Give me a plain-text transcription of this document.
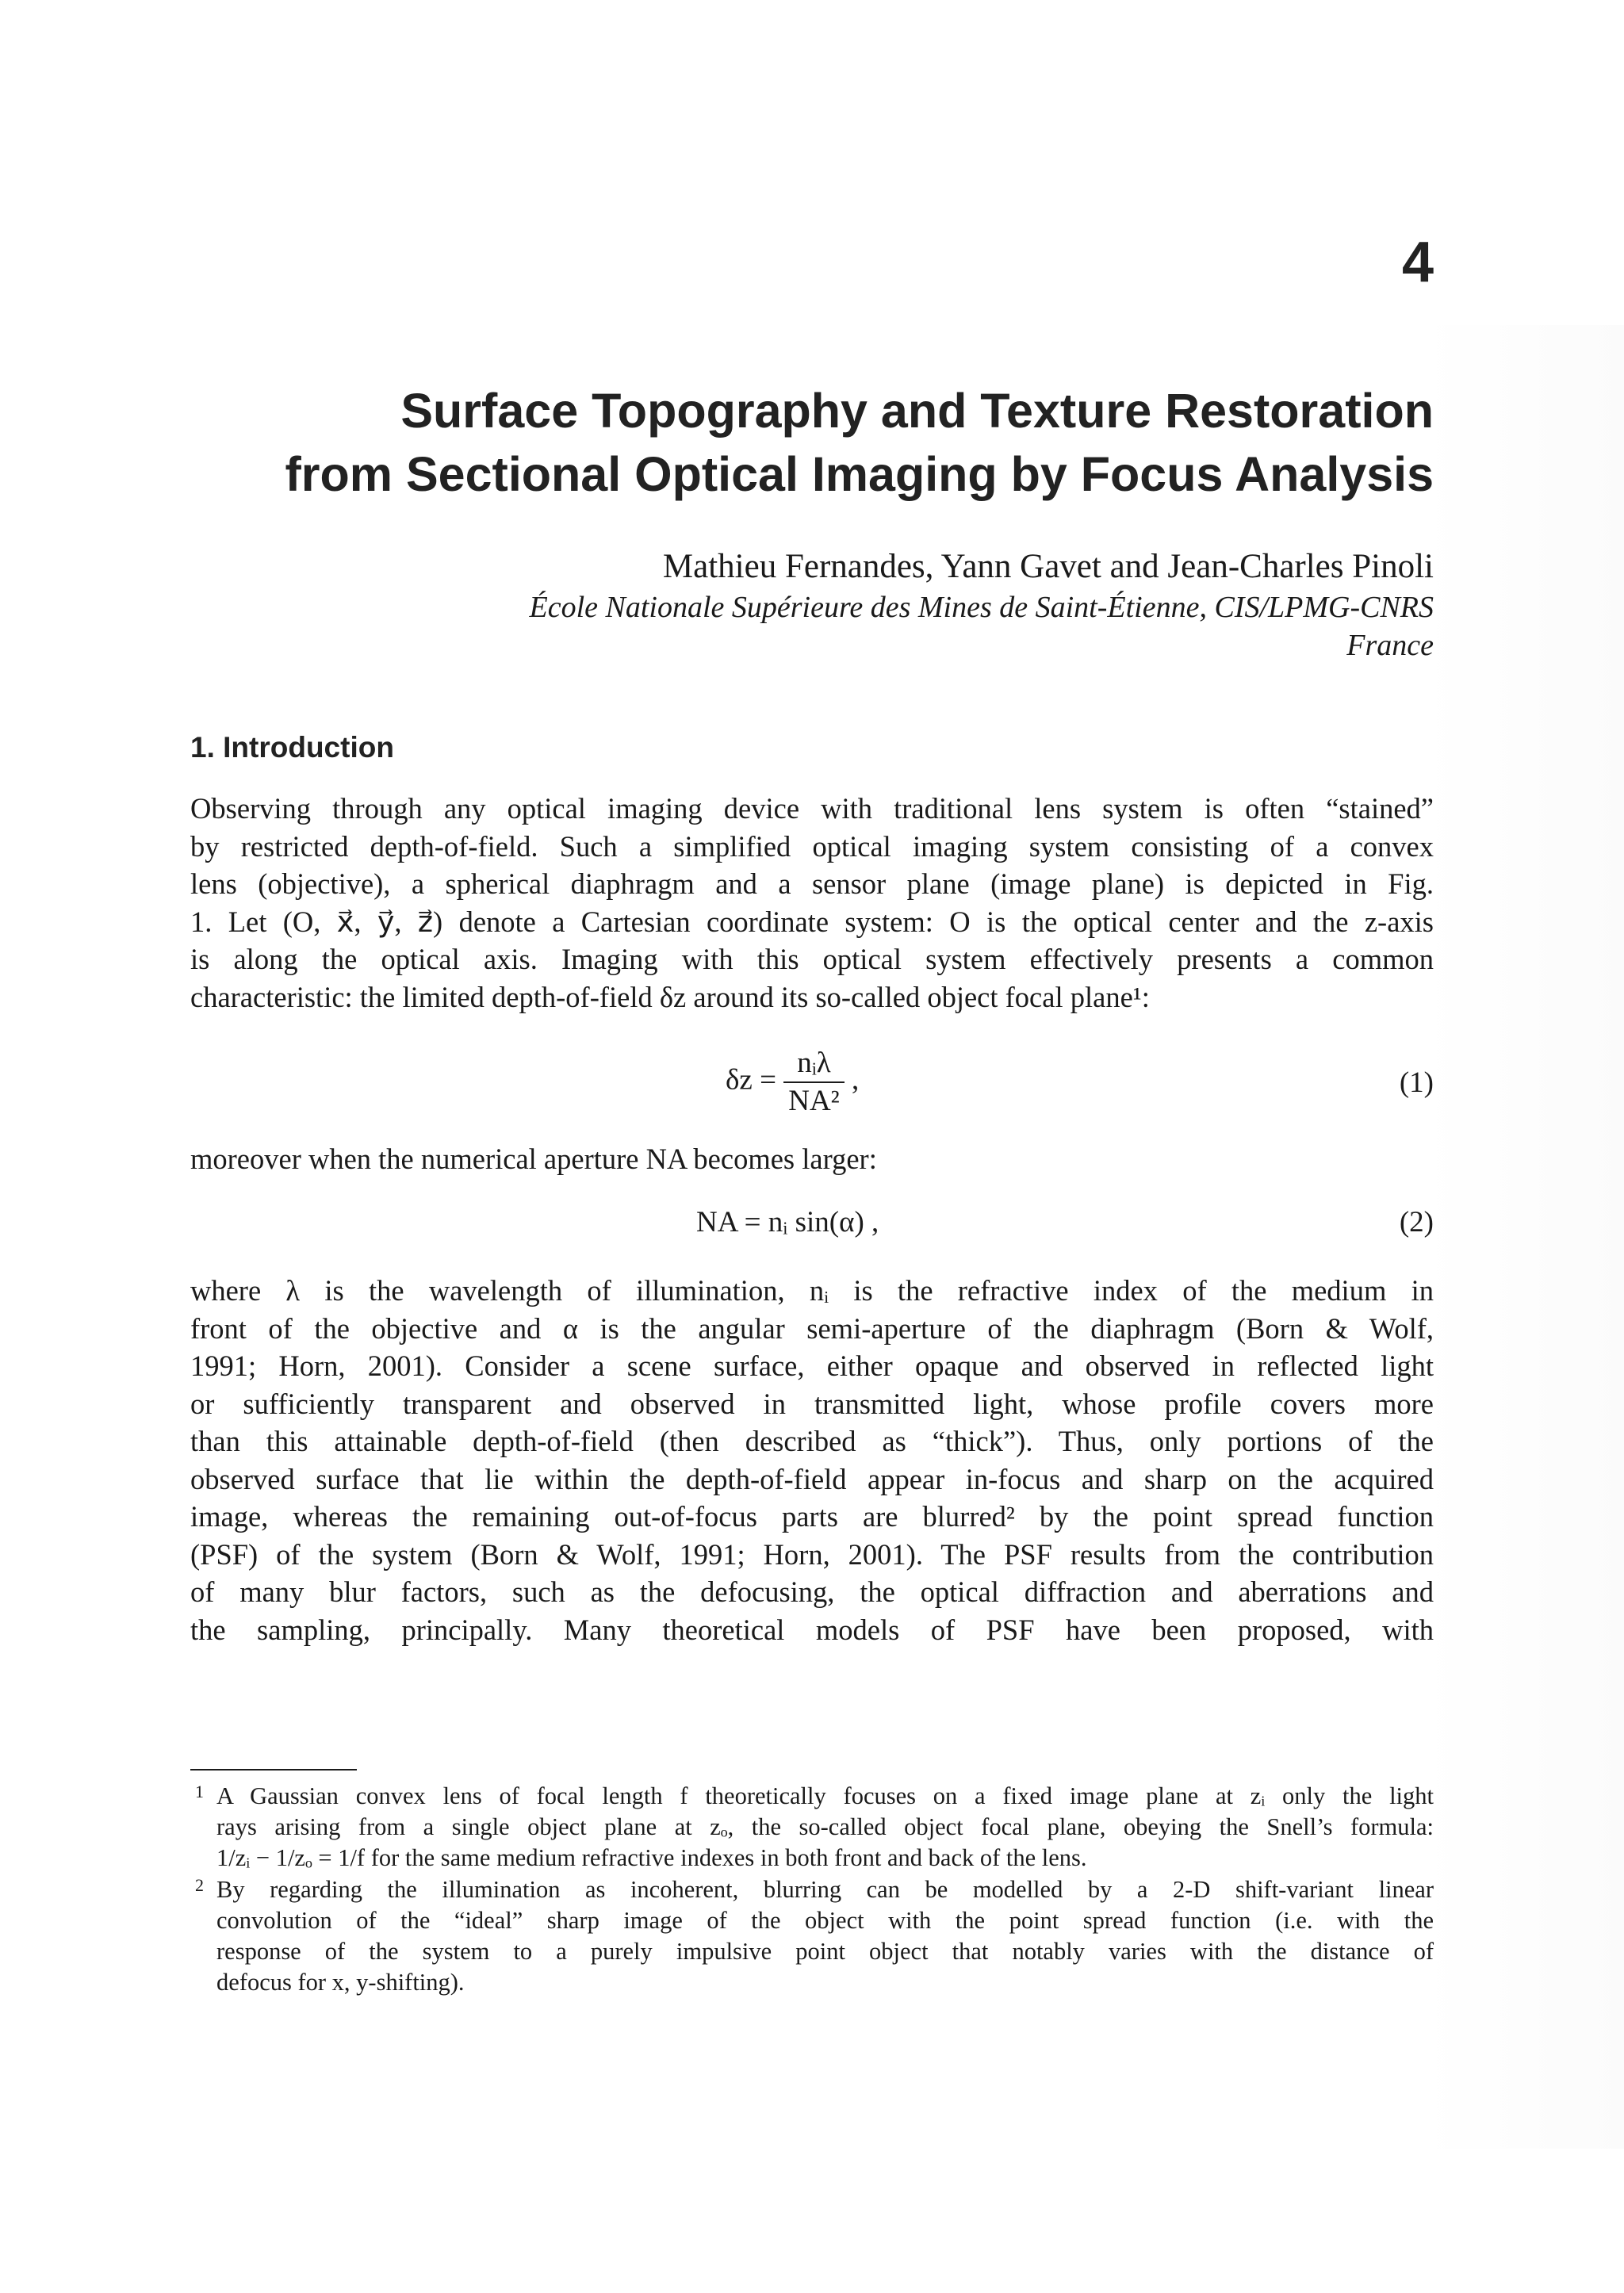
4
Surface Topography and Texture Restoration
from Sectional Optical Imaging by Focus Analysis
Mathieu Fernandes, Yann Gavet and Jean-Charles Pinoli
École Nationale Supérieure des Mines de Saint-Étienne, CIS/LPMG-CNRS
France
1. Introduction
Observing through any optical imaging device with traditional lens system is often “stained”
by restricted depth-of-field. Such a simplified optical imaging system consisting of a convex
lens (objective), a spherical diaphragm and a sensor plane (image plane) is depicted in Fig.
1. Let (O, x⃗, y⃗, z⃗) denote a Cartesian coordinate system: O is the optical center and the z-axis
is along the optical axis. Imaging with this optical system effectively presents a common
characteristic: the limited depth-of-field δz around its so-called object focal plane¹:
$\delta z = \frac{\text{nᵢλ}}{\text{NA²}}$ ,	(1)
moreover when the numerical aperture NA becomes larger:
NA = nᵢ sin(α) ,	(2)
where λ is the wavelength of illumination, nᵢ is the refractive index of the medium in
front of the objective and α is the angular semi-aperture of the diaphragm (Born & Wolf,
1991; Horn, 2001). Consider a scene surface, either opaque and observed in reflected light
or sufficiently transparent and observed in transmitted light, whose profile covers more
than this attainable depth-of-field (then described as “thick”). Thus, only portions of the
observed surface that lie within the depth-of-field appear in-focus and sharp on the acquired
image, whereas the remaining out-of-focus parts are blurred² by the point spread function
(PSF) of the system (Born & Wolf, 1991; Horn, 2001). The PSF results from the contribution
of many blur factors, such as the defocusing, the optical diffraction and aberrations and
the sampling, principally. Many theoretical models of PSF have been proposed, with
1 A Gaussian convex lens of focal length f theoretically focuses on a fixed image plane at zᵢ only the light
rays arising from a single object plane at zₒ, the so-called object focal plane, obeying the Snell’s formula:
1/zᵢ − 1/zₒ = 1/f for the same medium refractive indexes in both front and back of the lens.
2 By regarding the illumination as incoherent, blurring can be modelled by a 2-D shift-variant linear
convolution of the “ideal” sharp image of the object with the point spread function (i.e. with the
response of the system to a purely impulsive point object that notably varies with the distance of
defocus for x, y-shifting).
